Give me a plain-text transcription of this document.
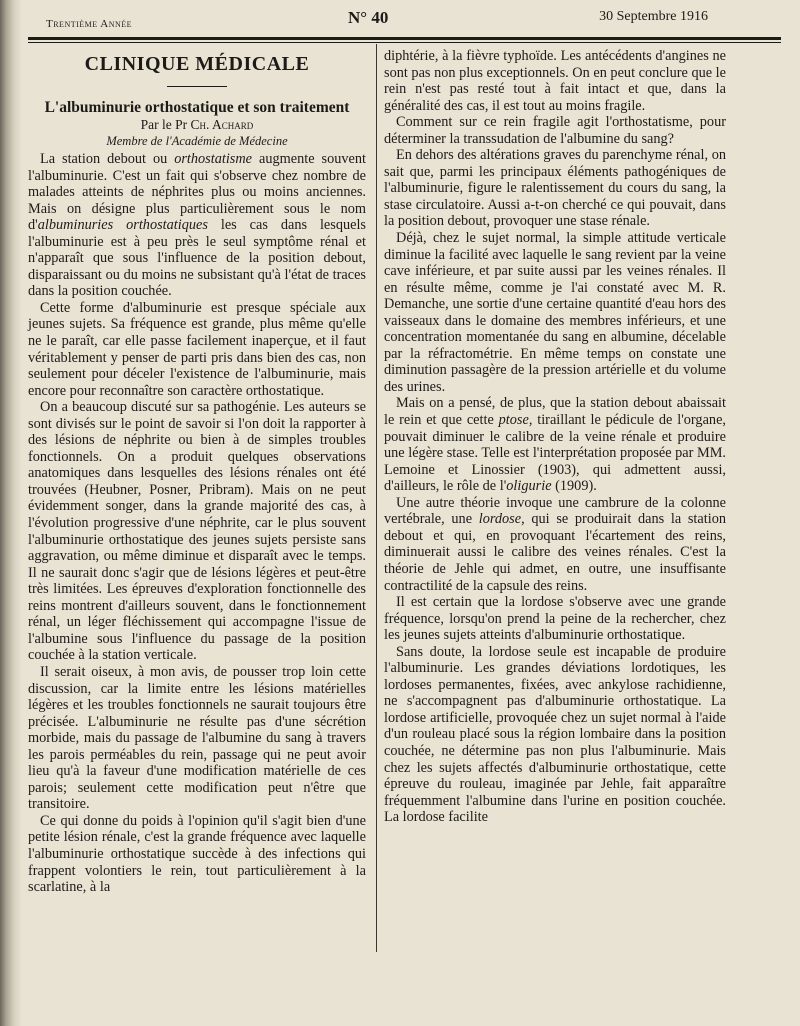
Trentième Année	N° 40	30 Septembre 1916
CLINIQUE MÉDICALE
L'albuminurie orthostatique et son traitement
Par le Pr Ch. Achard
Membre de l'Académie de Médecine

La station debout ou orthostatisme augmente souvent l'albuminurie. C'est un fait qui s'observe chez nombre de malades atteints de néphrites plus ou moins anciennes. Mais on désigne plus particulièrement sous le nom d'albuminuries orthostatiques les cas dans lesquels l'albuminurie est à peu près le seul symptôme rénal et n'apparaît que sous l'influence de la position debout, disparaissant ou du moins ne subsistant qu'à l'état de traces dans la position couchée.

Cette forme d'albuminurie est presque spéciale aux jeunes sujets. Sa fréquence est grande, plus même qu'elle ne le paraît, car elle passe facilement inaperçue, et il faut véritablement y penser de parti pris dans bien des cas, non seulement pour déceler l'existence de l'albuminurie, mais encore pour reconnaître son caractère orthostatique.

On a beaucoup discuté sur sa pathogénie. Les auteurs se sont divisés sur le point de savoir si l'on doit la rapporter à des lésions de néphrite ou bien à de simples troubles fonctionnels. On a produit quelques observations anatomiques dans lesquelles des lésions rénales ont été trouvées (Heubner, Posner, Pribram). Mais on ne peut évidemment songer, dans la grande majorité des cas, à l'évolution progressive d'une néphrite, car le plus souvent l'albuminurie orthostatique des jeunes sujets persiste sans aggravation, ou même diminue et disparaît avec le temps. Il ne saurait donc s'agir que de lésions légères et peut-être très limitées. Les épreuves d'exploration fonctionnelle des reins montrent d'ailleurs souvent, dans le fonctionnement rénal, un léger fléchissement qui accompagne l'issue de l'albumine sous l'influence du passage de la position couchée à la station verticale.

Il serait oiseux, à mon avis, de pousser trop loin cette discussion, car la limite entre les lésions matérielles légères et les troubles fonctionnels ne saurait toujours être précisée. L'albuminurie ne résulte pas d'une sécrétion morbide, mais du passage de l'albumine du sang à travers les parois perméables du rein, passage qui ne peut avoir lieu qu'à la faveur d'une modification matérielle de ces parois; seulement cette modification peut n'être que transitoire.

Ce qui donne du poids à l'opinion qu'il s'agit bien d'une petite lésion rénale, c'est la grande fréquence avec laquelle l'albuminurie orthostatique succède à des infections qui frappent volontiers le rein, tout particulièrement à la scarlatine, à la

diphtérie, à la fièvre typhoïde. Les antécédents d'angines ne sont pas non plus exceptionnels. On en peut conclure que le rein n'est pas resté tout à fait intact et que, dans la généralité des cas, il est tout au moins fragile.

Comment sur ce rein fragile agit l'orthostatisme, pour déterminer la transsudation de l'albumine du sang?

En dehors des altérations graves du parenchyme rénal, on sait que, parmi les principaux éléments pathogéniques de l'albuminurie, figure le ralentissement du cours du sang, la stase circulatoire. Aussi a-t-on cherché ce qui pouvait, dans la position debout, provoquer une stase rénale.

Déjà, chez le sujet normal, la simple attitude verticale diminue la facilité avec laquelle le sang revient par la veine cave inférieure, et par suite aussi par les veines rénales. Il en résulte même, comme je l'ai constaté avec M. R. Demanche, une sortie d'une certaine quantité d'eau hors des vaisseaux dans le domaine des membres inférieurs, et une concentration momentanée du sang en albumine, décelable par la réfractométrie. En même temps on constate une diminution passagère de la pression artérielle et du volume des urines.

Mais on a pensé, de plus, que la station debout abaissait le rein et que cette ptose, tiraillant le pédicule de l'organe, pouvait diminuer le calibre de la veine rénale et produire une légère stase. Telle est l'interprétation proposée par MM. Lemoine et Linossier (1903), qui admettent aussi, d'ailleurs, le rôle de l'oligurie (1909).

Une autre théorie invoque une cambrure de la colonne vertébrale, une lordose, qui se produirait dans la station debout et qui, en provoquant l'écartement des reins, diminuerait aussi le calibre des veines rénales. C'est la théorie de Jehle qui admet, en outre, une insuffisante contractilité de la capsule des reins.

Il est certain que la lordose s'observe avec une grande fréquence, lorsqu'on prend la peine de la rechercher, chez les jeunes sujets atteints d'albuminurie orthostatique.

Sans doute, la lordose seule est incapable de produire l'albuminurie. Les grandes déviations lordotiques, les lordoses permanentes, fixées, avec ankylose rachidienne, ne s'accompagnent pas d'albuminurie orthostatique. La lordose artificielle, provoquée chez un sujet normal à l'aide d'un rouleau placé sous la région lombaire dans la position couchée, ne détermine pas non plus l'albuminurie. Mais chez les sujets affectés d'albuminurie orthostatique, cette épreuve du rouleau, imaginée par Jehle, fait apparaître fréquemment l'albumine dans l'urine en position couchée. La lordose facilite
